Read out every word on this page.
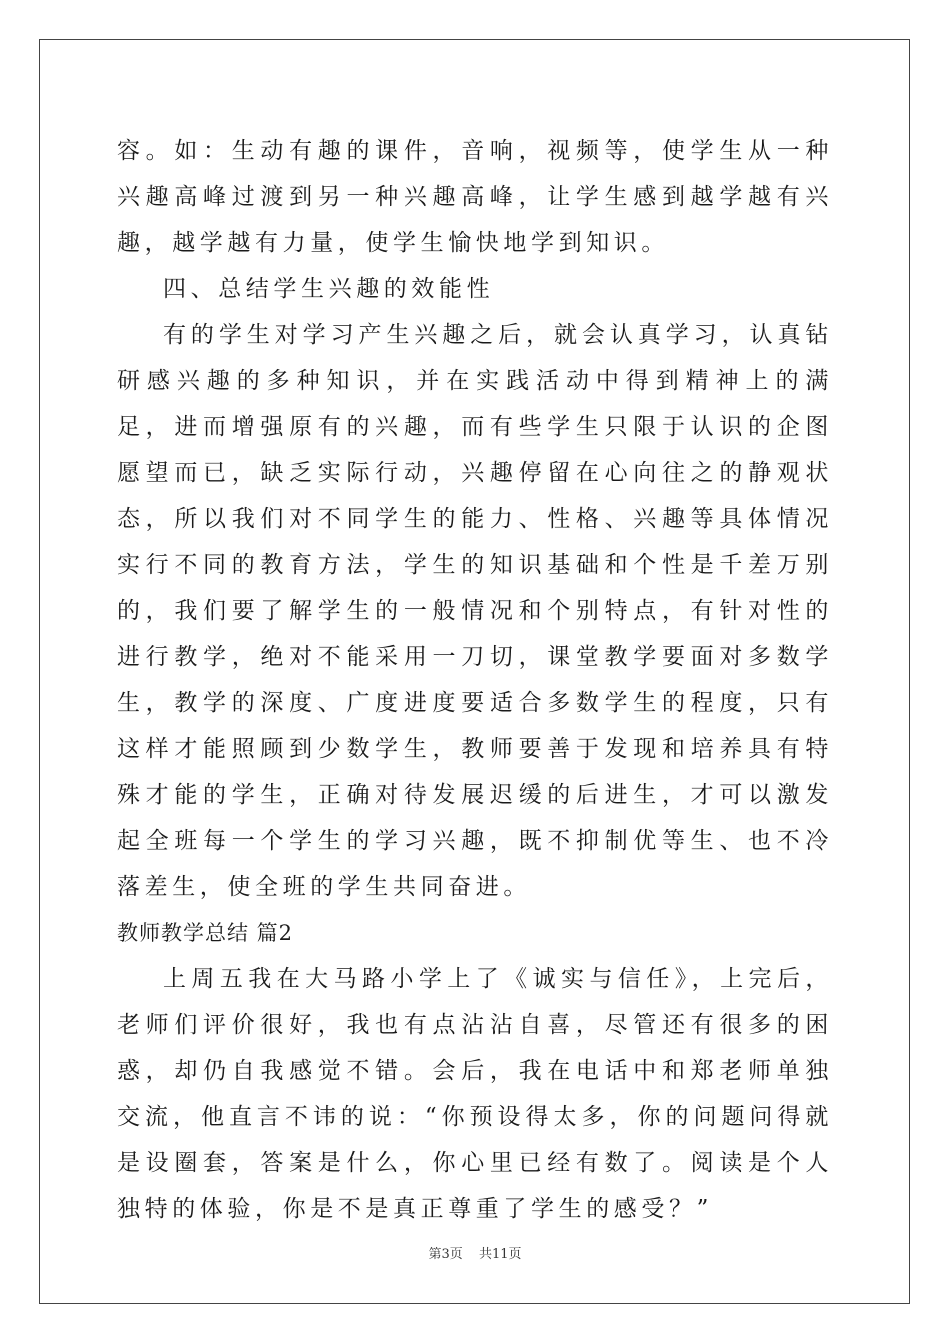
容。如：生动有趣的课件，音响，视频等，使学生从一种兴趣高峰过渡到另一种兴趣高峰，让学生感到越学越有兴趣，越学越有力量，使学生愉快地学到知识。

四、总结学生兴趣的效能性

有的学生对学习产生兴趣之后，就会认真学习，认真钻研感兴趣的多种知识，并在实践活动中得到精神上的满足，进而增强原有的兴趣，而有些学生只限于认识的企图愿望而已，缺乏实际行动，兴趣停留在心向往之的静观状态，所以我们对不同学生的能力、性格、兴趣等具体情况实行不同的教育方法，学生的知识基础和个性是千差万别的，我们要了解学生的一般情况和个别特点，有针对性的进行教学，绝对不能采用一刀切，课堂教学要面对多数学生，教学的深度、广度进度要适合多数学生的程度，只有这样才能照顾到少数学生，教师要善于发现和培养具有特殊才能的学生，正确对待发展迟缓的后进生，才可以激发起全班每一个学生的学习兴趣，既不抑制优等生、也不冷落差生，使全班的学生共同奋进。

教师教学总结 篇2

上周五我在大马路小学上了《诚实与信任》，上完后，老师们评价很好，我也有点沾沾自喜，尽管还有很多的困惑，却仍自我感觉不错。会后，我在电话中和郑老师单独交流，他直言不讳的说：“你预设得太多，你的问题问得就是设圈套，答案是什么，你心里已经有数了。阅读是个人独特的体验，你是不是真正尊重了学生的感受？”

第3页 共11页
